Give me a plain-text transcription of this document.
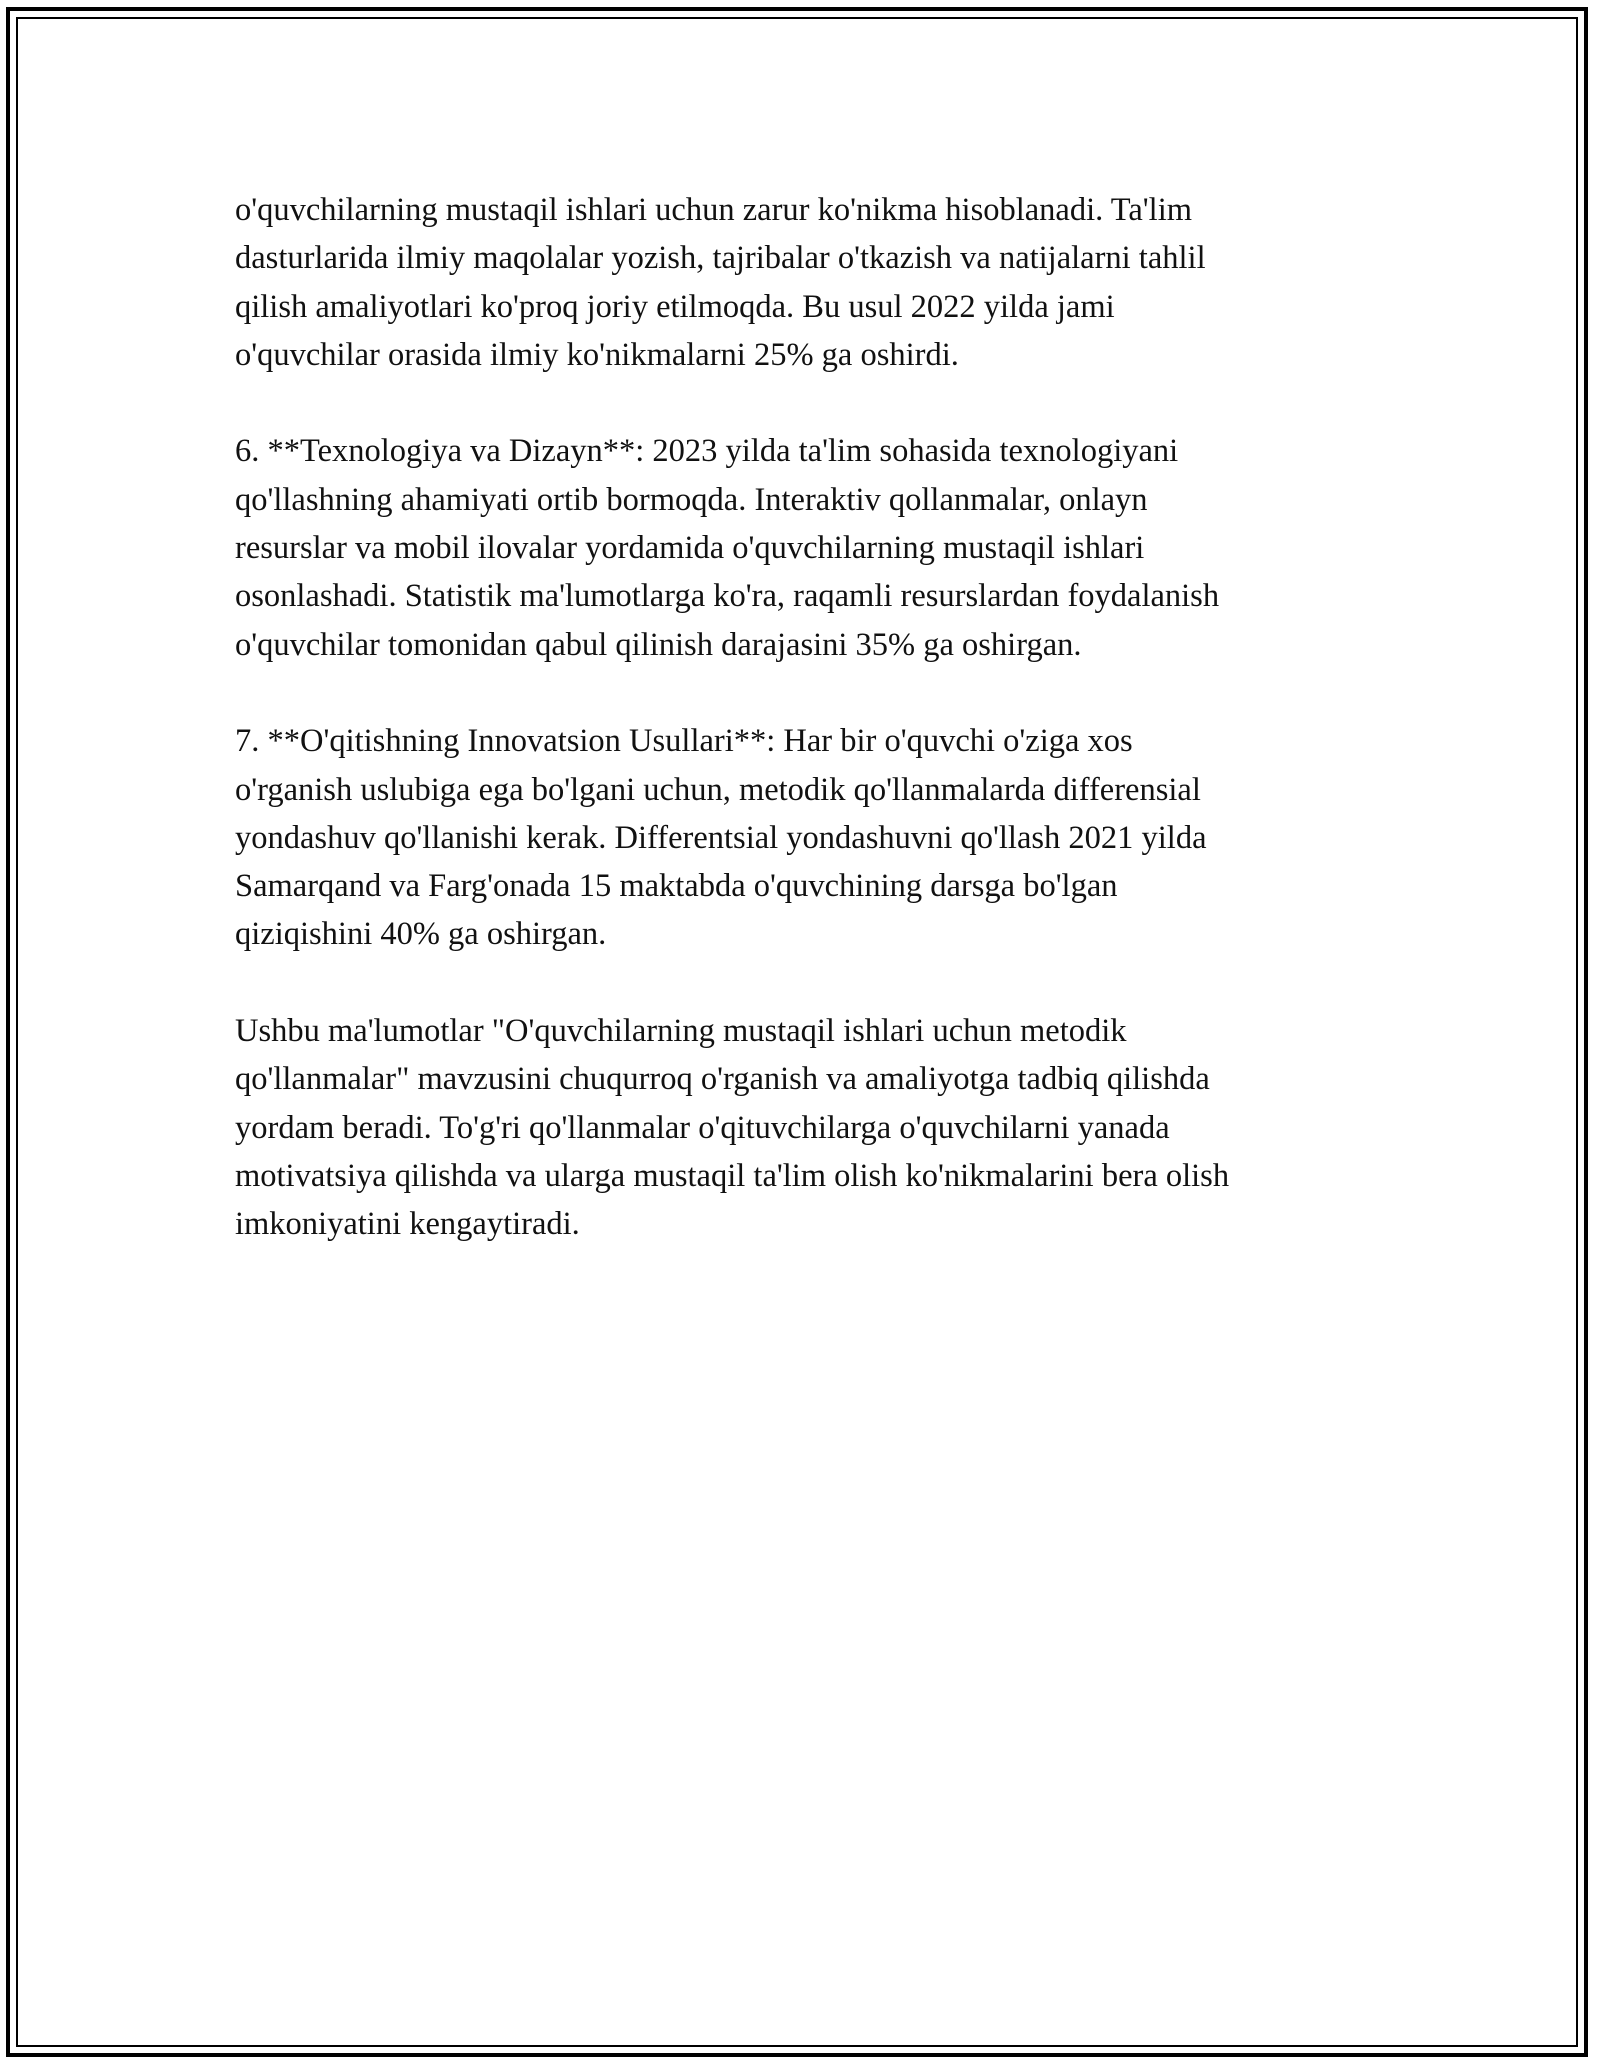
o'quvchilarning mustaqil ishlari uchun zarur ko'nikma hisoblanadi. Ta'lim
dasturlarida ilmiy maqolalar yozish, tajribalar o'tkazish va natijalarni tahlil
qilish amaliyotlari ko'proq joriy etilmoqda. Bu usul 2022 yilda jami
o'quvchilar orasida ilmiy ko'nikmalarni 25% ga oshirdi.

6. **Texnologiya va Dizayn**: 2023 yilda ta'lim sohasida texnologiyani
qo'llashning ahamiyati ortib bormoqda. Interaktiv qollanmalar, onlayn
resurslar va mobil ilovalar yordamida o'quvchilarning mustaqil ishlari
osonlashadi. Statistik ma'lumotlarga ko'ra, raqamli resurslardan foydalanish
o'quvchilar tomonidan qabul qilinish darajasini 35% ga oshirgan.

7. **O'qitishning Innovatsion Usullari**: Har bir o'quvchi o'ziga xos
o'rganish uslubiga ega bo'lgani uchun, metodik qo'llanmalarda differensial
yondashuv qo'llanishi kerak. Differentsial yondashuvni qo'llash 2021 yilda
Samarqand va Farg'onada 15 maktabda o'quvchining darsga bo'lgan
qiziqishini 40% ga oshirgan.

Ushbu ma'lumotlar "O'quvchilarning mustaqil ishlari uchun metodik
qo'llanmalar" mavzusini chuqurroq o'rganish va amaliyotga tadbiq qilishda
yordam beradi. To'g'ri qo'llanmalar o'qituvchilarga o'quvchilarni yanada
motivatsiya qilishda va ularga mustaqil ta'lim olish ko'nikmalarini bera olish
imkoniyatini kengaytiradi.
